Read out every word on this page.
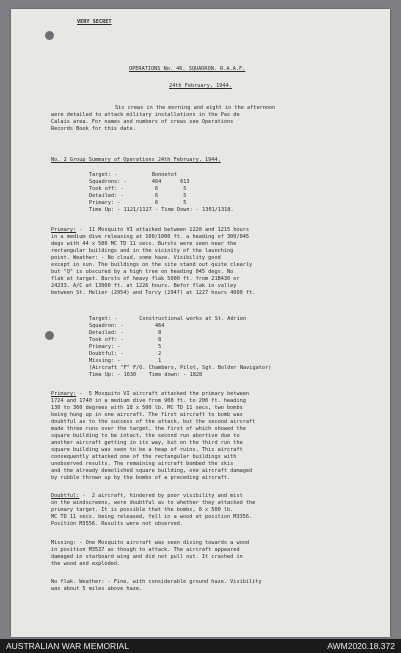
VERY SECRET
OPERATIONS No. 46. SQUADRON. R.A.A.F.
24th February, 1944.
Six crews in the morning and eight in the afternoon
were detailed to attack military installations in the Pas de
Calais area. For names and numbers of crews see Operations
Records Book for this date.
No. 2 Group Summary of Operations 24th February, 1944.
Target: -           Bonnetot
Squadrons: -        464      613
Took off: -          6        5
Detailed: -          6        5
Primary: -           6        5
Time Up: - 1121/1127 - Time Down: - 1301/1318.
Primary: -  11 Mosquito VI attacked between 1220 and 1215 hours
in a medium dive releasing at 100/1000 ft. a heading of 300/045
degs with 44 x 500 MC TD 11 secs. Bursts were seen near the
rectangular buildings and in the vicinity of the launching
point. Weather: - No cloud, some haze. Visibility good
except in sun. The buildings on the site stand out quite clearly
but "Q" is obscured by a high tree on heading 045 degs. No
flak at target. Bursts of heavy flak 5000 ft. from 21B430 or
24233. A/C at 13000 ft. at 1226 hours. Befor flak in valley
between St. Helier (2954) and Torcy (2947) at 1227 hours 4000 ft.
Target: -       Constructional works at St. Adrien
Squadron: -          464
Detailed: -           8
Took off: -           8
Primary: -            5
Doubtful: -           2
Missing: -            1
(Aircraft "F" F/O. Chambers, Pilot, Sgt. Bolder Navigator)
Time Up: - 1630    Time down: - 1828
Primary: -  5 Mosquito VI aircraft attacked the primary between
1724 and 1740 in a medium dive from 900 ft. to 200 ft. heading
130 to 360 degrees with 18 x 500 lb. MC TD 11 secs, two bombs
being hung up in one aircraft. The first aircraft to bomb was
doubtful as to the success of the attack, but the second aircraft
made three runs over the target, the first of which showed the
square building to be intact, the second run abortive due to
another aircraft getting in its way, but on the third run the
square building was seen to be a heap of ruins. This aircraft
consequently attacked one of the rectangular buildings with
unobserved results. The remaining aircraft bombed the skis
and the already demolished square building, one aircraft damaged
by rubble thrown up by the bombs of a preceding aircraft.
Doubtful: -  2 aircraft, hindered by poor visibility and mist
on the windscreens, were doubtful as to whether they attacked the
primary target. It is possible that the bombs, 8 x 500 lb.
MC TD 11 secs. being released, fell in a wood at position M3356.
Position M3556. Results were not observed.
Missing: - One Mosquito aircraft was seen diving towards a wood
in position M3537 as though to attack. The aircraft appeared
damaged in starboard wing and did not pull out. It crashed in
the wood and exploded.
No flak. Weather: - Fine, with considerable ground haze. Visibility
was about 5 miles above haze.
AUSTRALIAN WAR MEMORIAL	AWM2020.18.372
